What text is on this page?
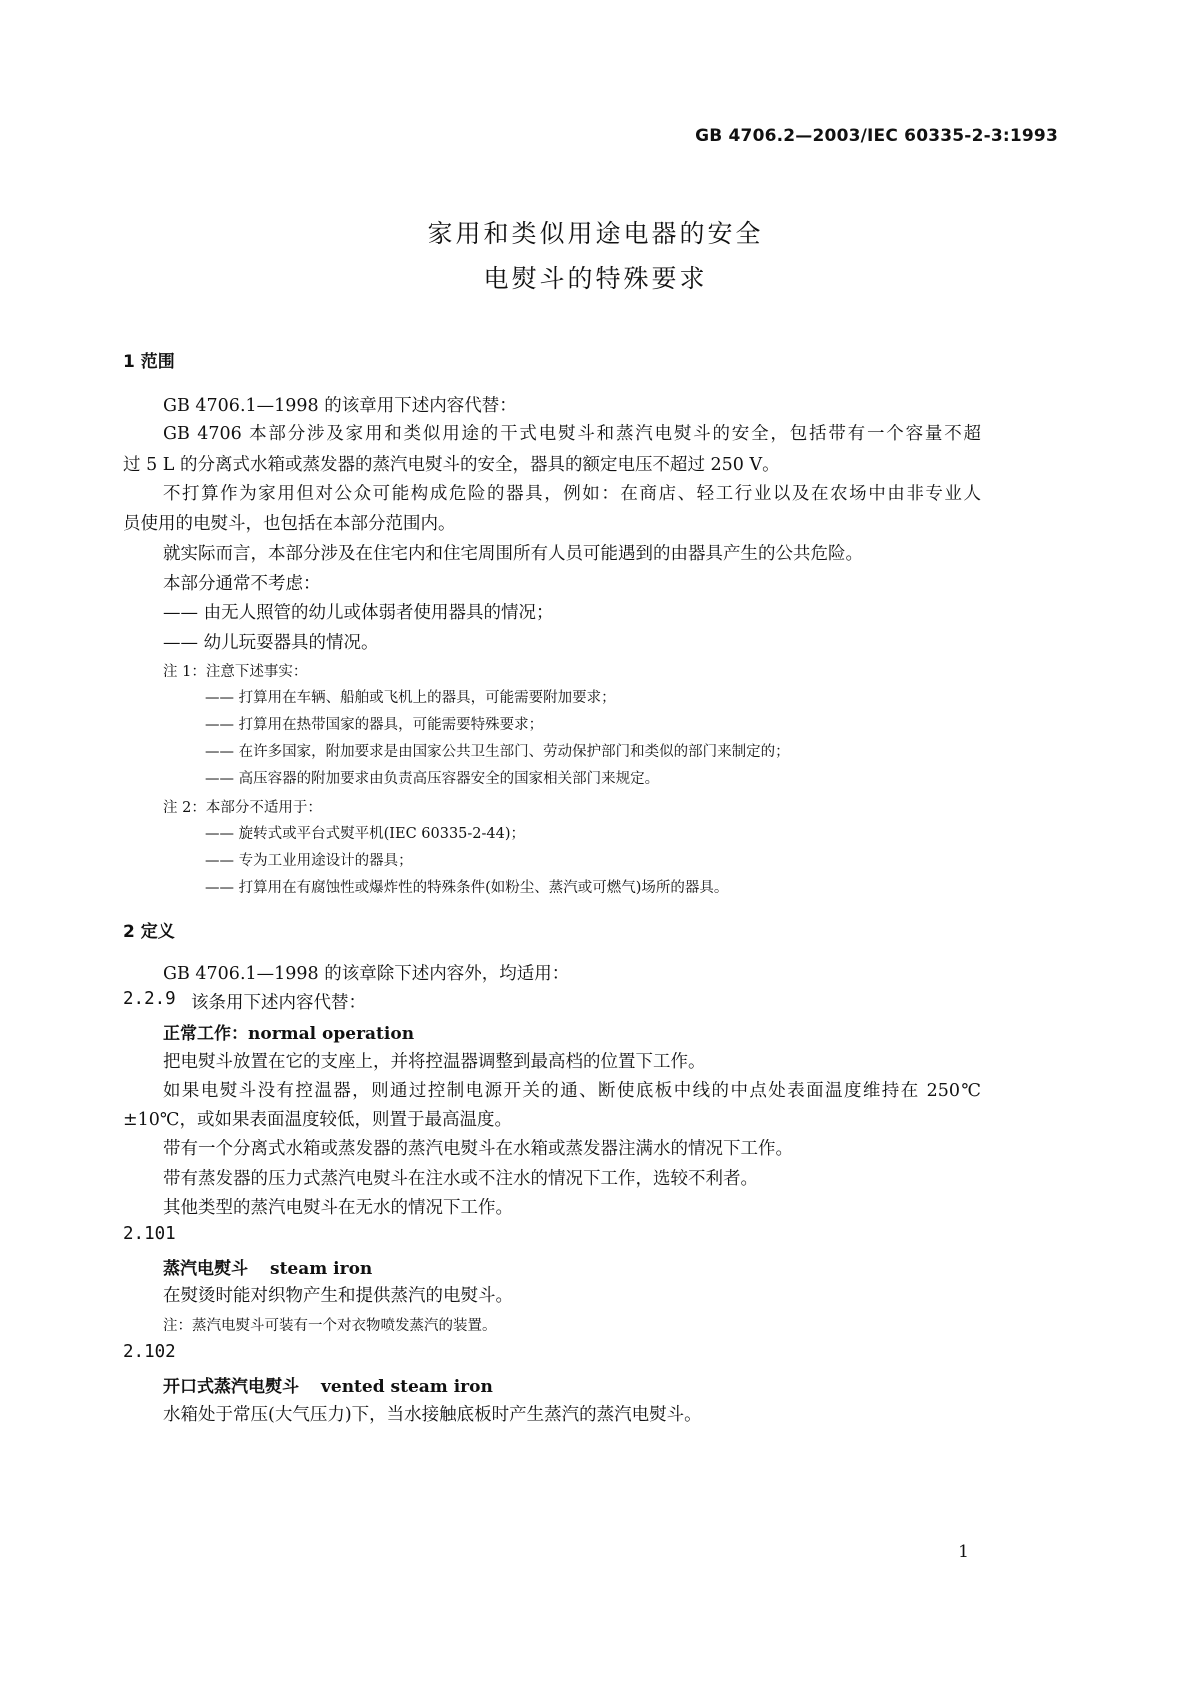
GB 4706.2—2003/IEC 60335-2-3:1993
家用和类似用途电器的安全
电熨斗的特殊要求
1 范围
GB 4706.1—1998 的该章用下述内容代替：
GB 4706 本部分涉及家用和类似用途的干式电熨斗和蒸汽电熨斗的安全，包括带有一个容量不超
过 5 L 的分离式水箱或蒸发器的蒸汽电熨斗的安全，器具的额定电压不超过 250 V。
不打算作为家用但对公众可能构成危险的器具，例如：在商店、轻工行业以及在农场中由非专业人
员使用的电熨斗，也包括在本部分范围内。
就实际而言，本部分涉及在住宅内和住宅周围所有人员可能遇到的由器具产生的公共危险。
本部分通常不考虑：
—— 由无人照管的幼儿或体弱者使用器具的情况；
—— 幼儿玩耍器具的情况。
注 1：注意下述事实：
—— 打算用在车辆、船舶或飞机上的器具，可能需要附加要求；
—— 打算用在热带国家的器具，可能需要特殊要求；
—— 在许多国家，附加要求是由国家公共卫生部门、劳动保护部门和类似的部门来制定的；
—— 高压容器的附加要求由负责高压容器安全的国家相关部门来规定。
注 2：本部分不适用于：
—— 旋转式或平台式熨平机(IEC 60335-2-44)；
—— 专为工业用途设计的器具；
—— 打算用在有腐蚀性或爆炸性的特殊条件(如粉尘、蒸汽或可燃气)场所的器具。
2 定义
GB 4706.1—1998 的该章除下述内容外，均适用：
2.2.9 该条用下述内容代替：
正常工作：normal operation
把电熨斗放置在它的支座上，并将控温器调整到最高档的位置下工作。
如果电熨斗没有控温器，则通过控制电源开关的通、断使底板中线的中点处表面温度维持在 250℃
±10℃，或如果表面温度较低，则置于最高温度。
带有一个分离式水箱或蒸发器的蒸汽电熨斗在水箱或蒸发器注满水的情况下工作。
带有蒸发器的压力式蒸汽电熨斗在注水或不注水的情况下工作，选较不利者。
其他类型的蒸汽电熨斗在无水的情况下工作。
2.101
蒸汽电熨斗 steam iron
在熨烫时能对织物产生和提供蒸汽的电熨斗。
注：蒸汽电熨斗可装有一个对衣物喷发蒸汽的装置。
2.102
开口式蒸汽电熨斗 vented steam iron
水箱处于常压(大气压力)下，当水接触底板时产生蒸汽的蒸汽电熨斗。
1
